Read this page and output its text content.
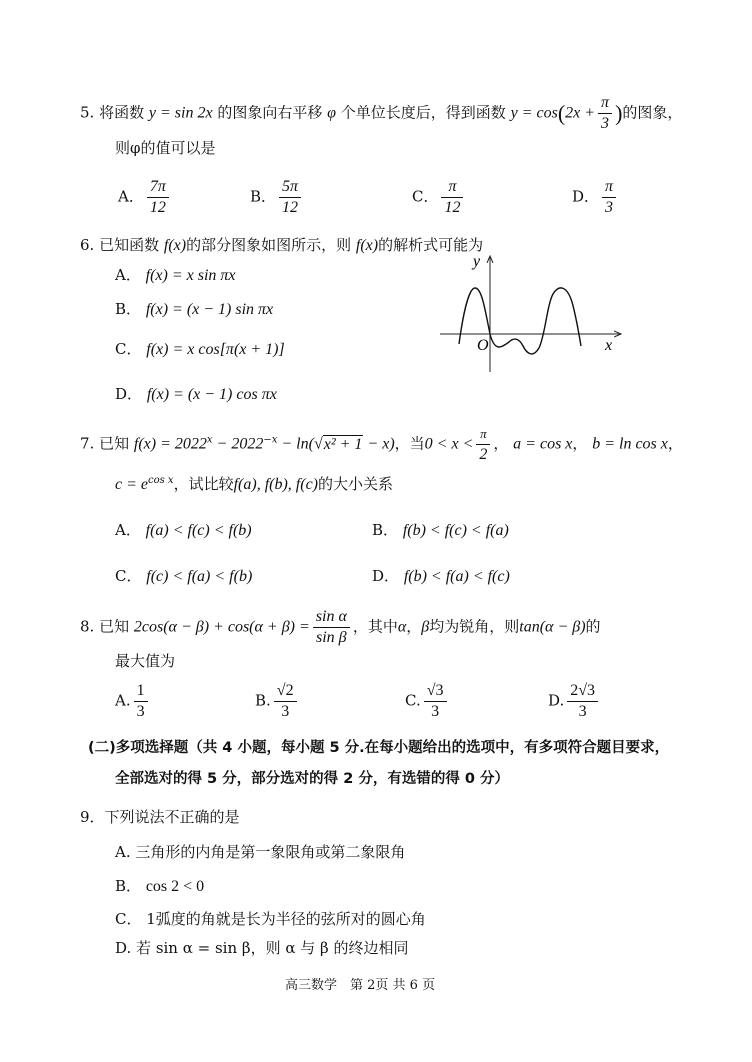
5. 将函数 y = sin 2x 的图象向右平移 φ 个单位长度后，得到函数 $y = \cos(2x + \frac{\pi}{3}$ )的图象，
则φ的值可以是
A． $\frac{7\pi}{12}$	B． $\frac{5\pi}{12}$	C． $\frac{\pi}{12}$	D． $\frac{\pi}{3}$
6. 已知函数 f(x)的部分图象如图所示，则 f(x)的解析式可能为
A． f(x) = x sin πx
B． f(x) = (x − 1) sin πx
C． f(x) = x cos[π(x + 1)]
D． f(x) = (x − 1) cos πx
y
x
O
7. 已知 $f(x) = 2022^x - 2022^{-x} - \ln(√x^2 + 1 - x)$，当$0 < x < \frac{\pi}{2}$ ， a = cos x， b = ln cos x，
$c = e^{cos x}$，试比较f(a), f(b), f(c)的大小关系
A． f(a) < f(c) < f(b)	B． f(b) < f(c) < f(a)
C． f(c) < f(a) < f(b)	D． f(b) < f(a) < f(c)
8. 已知 $2\cos(\alpha - \beta) + \cos(\alpha + \beta) = \frac{\text{sin α}}{\text{sin β}}$ ，其中α，β均为锐角，则tan(α − β)的
最大值为
A. $\frac{1}{3}$	B. $\frac{√2}{3}$	C. $\frac{√3}{3}$	D. $\frac{2√3}{3}$
(二)多项选择题（共 4 小题，每小题 5 分.在每小题给出的选项中，有多项符合题目要求，
全部选对的得 5 分，部分选对的得 2 分，有选错的得 0 分）
9．下列说法不正确的是
A. 三角形的内角是第一象限角或第二象限角
B． cos 2 < 0
C． 1弧度的角就是长为半径的弦所对的圆心角
D. 若 sin α = sin β，则 α 与 β 的终边相同
高三数学　第 2页 共 6 页
